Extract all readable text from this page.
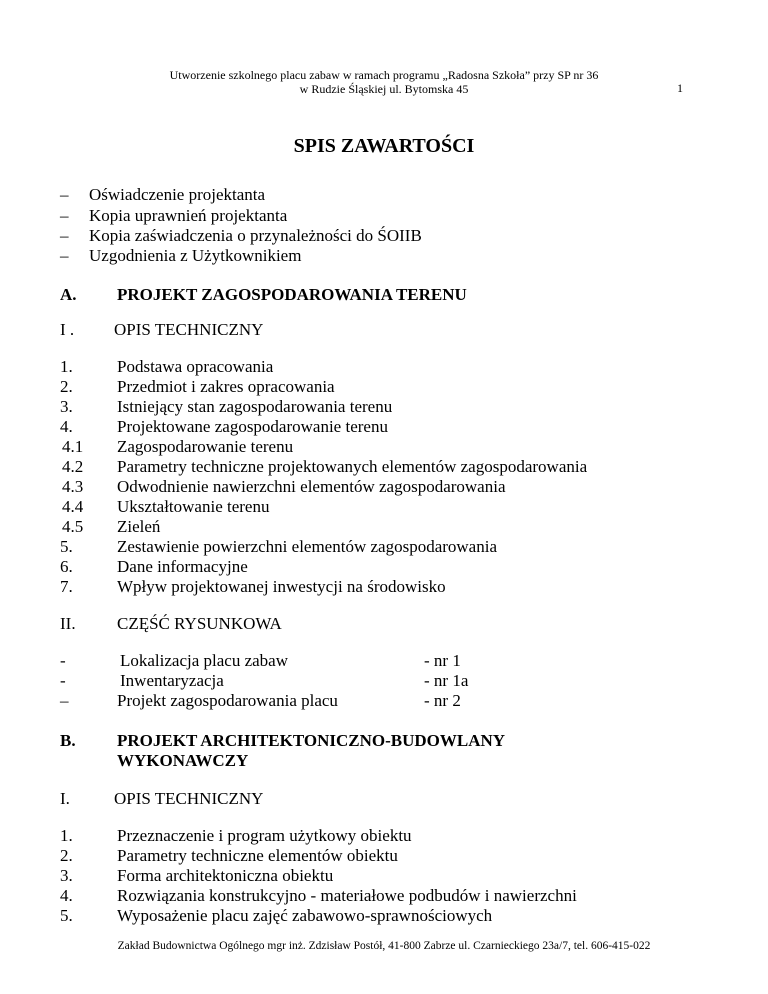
Utworzenie szkolnego placu zabaw w ramach programu „Radosna Szkoła” przy SP nr 36
w Rudzie Śląskiej ul. Bytomska 45	1
SPIS ZAWARTOŚCI
– Oświadczenie projektanta
– Kopia uprawnień projektanta
– Kopia zaświadczenia o przynależności do ŚOIIB
– Uzgodnienia z Użytkownikiem
A. PROJEKT ZAGOSPODAROWANIA TERENU
I . OPIS TECHNICZNY
1.	Podstawa opracowania
2.	Przedmiot i zakres opracowania
3.	Istniejący stan zagospodarowania terenu
4.	Projektowane zagospodarowanie terenu
4.1 Zagospodarowanie terenu
4.2 Parametry techniczne projektowanych elementów zagospodarowania
4.3 Odwodnienie nawierzchni elementów zagospodarowania
4.4 Ukształtowanie terenu
4.5 Zieleń
5.	Zestawienie powierzchni elementów zagospodarowania
6.	Dane informacyjne
7.	Wpływ projektowanej inwestycji na środowisko
II. CZĘŚĆ RYSUNKOWA
-	Lokalizacja placu zabaw	- nr 1
-	Inwentaryzacja	- nr 1a
–	Projekt zagospodarowania placu	- nr 2
B. PROJEKT ARCHITEKTONICZNO-BUDOWLANY
WYKONAWCZY
I.	OPIS TECHNICZNY
1.	Przeznaczenie i program użytkowy obiektu
2.	Parametry techniczne elementów obiektu
3.	Forma architektoniczna obiektu
4.	Rozwiązania konstrukcyjno - materiałowe podbudów i nawierzchni
5.	Wyposażenie placu zajęć zabawowo-sprawnościowych
Zakład Budownictwa Ogólnego mgr inż. Zdzisław Postół, 41-800 Zabrze ul. Czarnieckiego 23a/7, tel. 606-415-022
